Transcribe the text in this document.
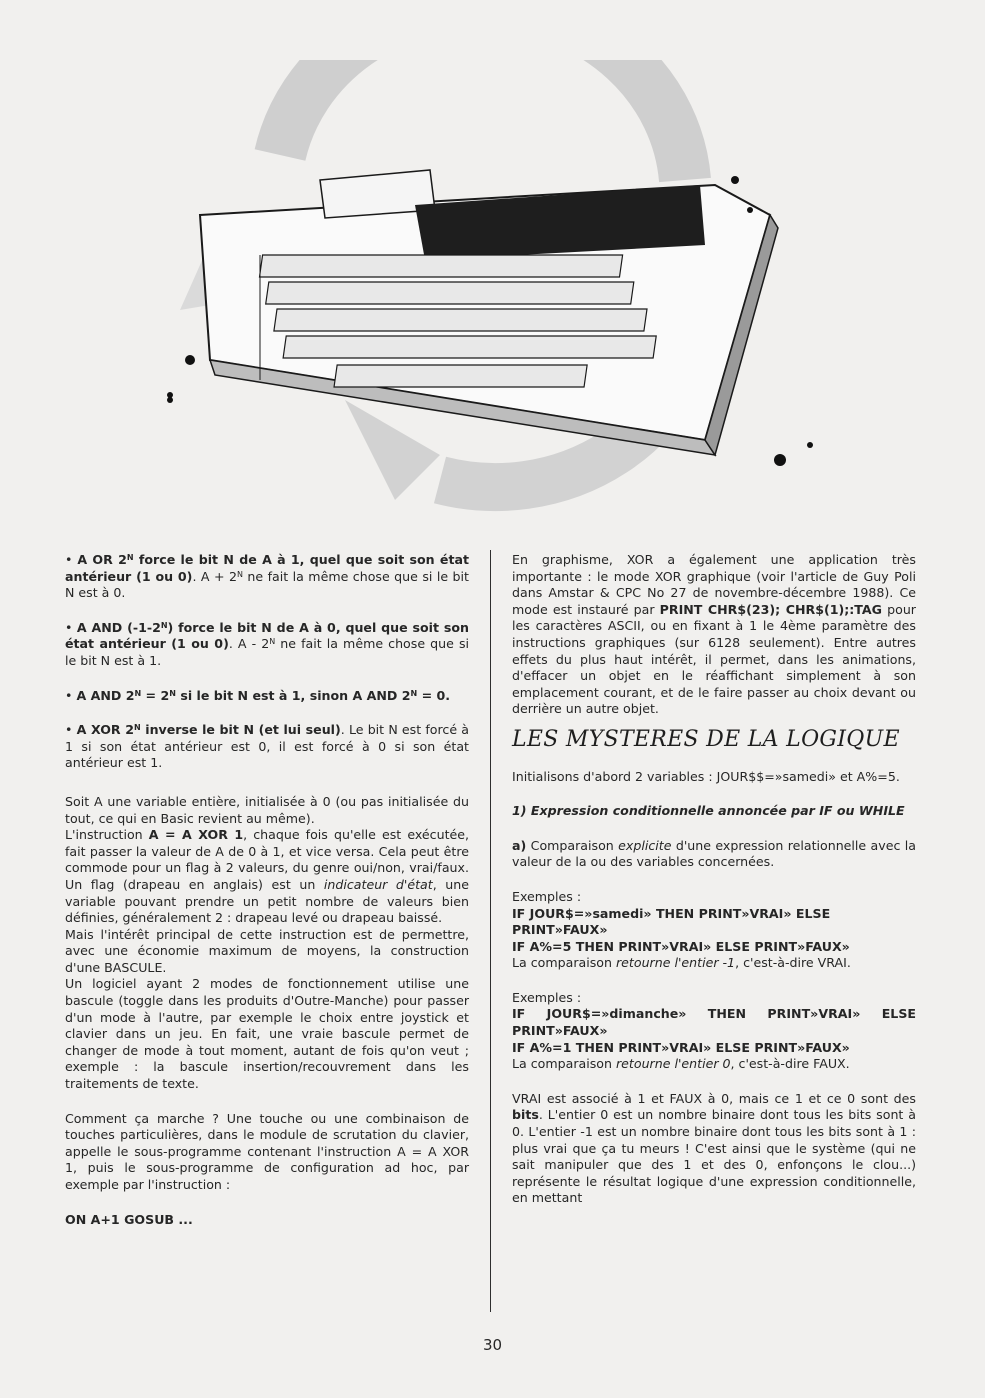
• A OR $2^N$ force le bit N de A à 1, quel que soit son état antérieur (1 ou 0). $A + 2^N$ ne fait la même chose que si le bit N est à 0.

• A AND $(-1-2^N)$ force le bit N de A à 0, quel que soit son état antérieur (1 ou 0). A - $2^N$ ne fait la même chose que si le bit N est à 1.

• A AND $2^N = 2^N$ si le bit N est à 1, sinon A AND $2^N = 0$.

• A XOR $2^N$ inverse le bit N (et lui seul). Le bit N est forcé à 1 si son état antérieur est 0, il est forcé à 0 si son état antérieur est 1.

Soit A une variable entière, initialisée à 0 (ou pas initialisée du tout, ce qui en Basic revient au même).

L'instruction A = A XOR 1, chaque fois qu'elle est exécutée, fait passer la valeur de A de 0 à 1, et vice versa. Cela peut être commode pour un flag à 2 valeurs, du genre oui/non, vrai/faux. Un flag (drapeau en anglais) est un indicateur d'état, une variable pouvant prendre un petit nombre de valeurs bien définies, généralement 2 : drapeau levé ou drapeau baissé.

Mais l'intérêt principal de cette instruction est de permettre, avec une économie maximum de moyens, la construction d'une BASCULE.

Un logiciel ayant 2 modes de fonctionnement utilise une bascule (toggle dans les produits d'Outre-Manche) pour passer d'un mode à l'autre, par exemple le choix entre joystick et clavier dans un jeu. En fait, une vraie bascule permet de changer de mode à tout moment, autant de fois qu'on veut ; exemple : la bascule insertion/recouvrement dans les traitements de texte.

Comment ça marche ? Une touche ou une combinaison de touches particulières, dans le module de scrutation du clavier, appelle le sous-programme contenant l'instruction A = A XOR 1, puis le sous-programme de configuration ad hoc, par exemple par l'instruction :

ON A+1 GOSUB ...

En graphisme, XOR a également une application très importante : le mode XOR graphique (voir l'article de Guy Poli dans Amstar & CPC No 27 de novembre-décembre 1988). Ce mode est instauré par PRINT CHR$(23); CHR$(1);:TAG pour les caractères ASCII, ou en fixant à 1 le 4ème paramètre des instructions graphiques (sur 6128 seulement). Entre autres effets du plus haut intérêt, il permet, dans les animations, d'effacer un objet en le réaffichant simplement à son emplacement courant, et de le faire passer au choix devant ou derrière un autre objet.

LES MYSTERES DE LA LOGIQUE

Initialisons d'abord 2 variables : JOUR$$=»samedi» et A%=5.

1) Expression conditionnelle annoncée par IF ou WHILE

a) Comparaison explicite d'une expression relationnelle avec la valeur de la ou des variables concernées.

Exemples :
IF JOUR$=»samedi» THEN PRINT»VRAI» ELSE PRINT»FAUX»
IF A%=5 THEN PRINT»VRAI» ELSE PRINT»FAUX»
La comparaison retourne l'entier -1, c'est-à-dire VRAI.

Exemples :
IF JOUR$=»dimanche» THEN PRINT»VRAI» ELSE PRINT»FAUX»
IF A%=1 THEN PRINT»VRAI» ELSE PRINT»FAUX»
La comparaison retourne l'entier 0, c'est-à-dire FAUX.

VRAI est associé à 1 et FAUX à 0, mais ce 1 et ce 0 sont des bits. L'entier 0 est un nombre binaire dont tous les bits sont à 0. L'entier -1 est un nombre binaire dont tous les bits sont à 1 : plus vrai que ça tu meurs ! C'est ainsi que le système (qui ne sait manipuler que des 1 et des 0, enfonçons le clou...) représente le résultat logique d'une expression conditionnelle, en mettant

30
